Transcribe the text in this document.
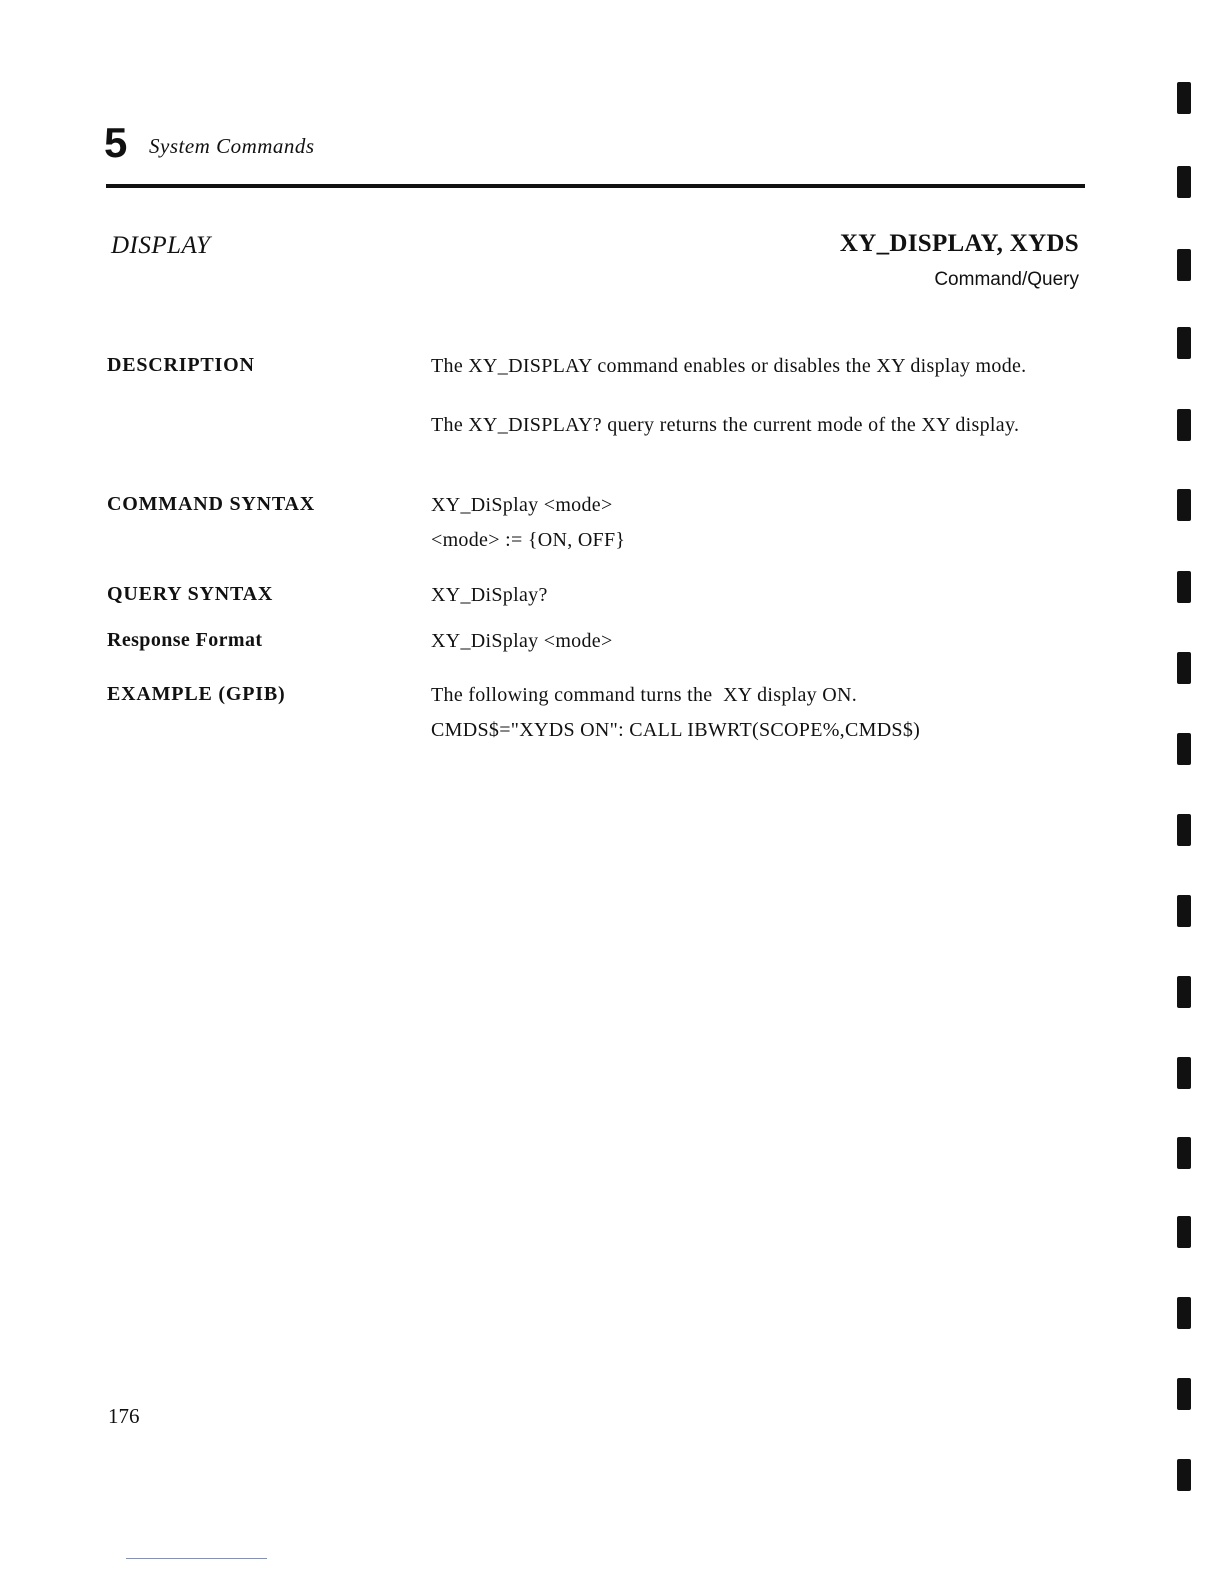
5 System Commands
DISPLAY	XY_DISPLAY, XYDS
Command/Query
DESCRIPTION	The XY_DISPLAY command enables or disables the XY display mode.
The XY_DISPLAY? query returns the current mode of the XY display.
COMMAND SYNTAX	XY_DiSplay <mode>
<mode> := {ON, OFF}
QUERY SYNTAX	XY_DiSplay?
Response Format	XY_DiSplay <mode>
EXAMPLE (GPIB)	The following command turns the  XY display ON.
CMDS$="XYDS ON": CALL IBWRT(SCOPE%,CMDS$)
176
